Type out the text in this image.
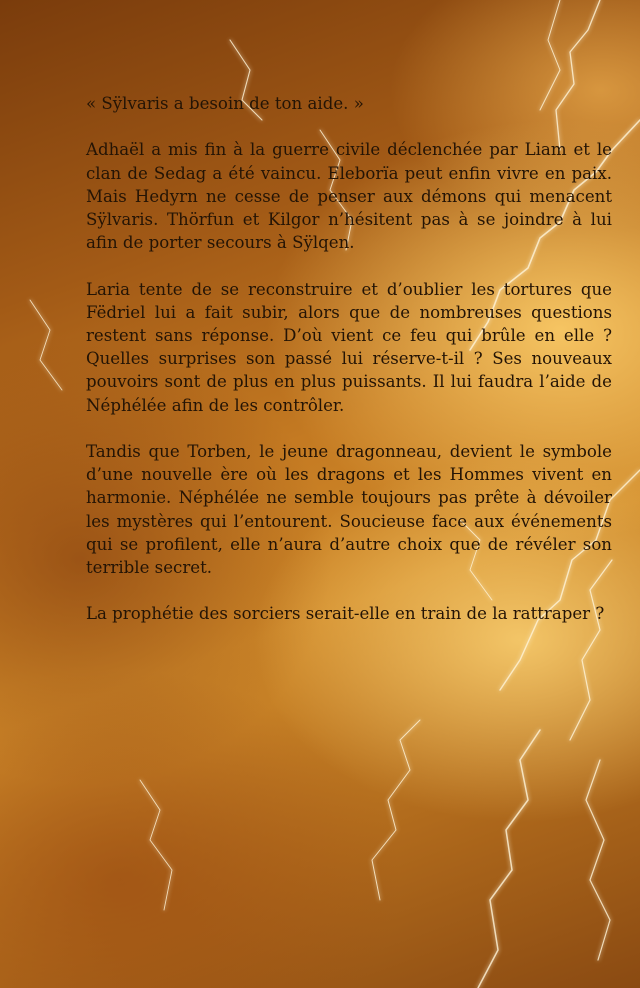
« Sÿlvaris a besoin de ton aide. »

Adhaël a mis fin à la guerre civile déclenchée par Liam et le clan de Sedag a été vaincu. Eleborïa peut enfin vivre en paix. Mais Hedyrn ne cesse de penser aux démons qui menacent Sÿlvaris. Thörfun et Kilgor n’hésitent pas à se joindre à lui afin de porter secours à Sÿlqen.

Laria tente de se reconstruire et d’oublier les tortures que Fëdriel lui a fait subir, alors que de nombreuses questions restent sans réponse. D’où vient ce feu qui brûle en elle ? Quelles surprises son passé lui réserve-t-il ? Ses nouveaux pouvoirs sont de plus en plus puissants. Il lui faudra l’aide de Néphélée afin de les contrôler.

Tandis que Torben, le jeune dragonneau, devient le symbole d’une nouvelle ère où les dragons et les Hommes vivent en harmonie. Néphélée ne semble toujours pas prête à dévoiler les mystères qui l’entourent. Soucieuse face aux événements qui se profilent, elle n’aura d’autre choix que de révéler son terrible secret.

La prophétie des sorciers serait-elle en train de la rattraper ?
